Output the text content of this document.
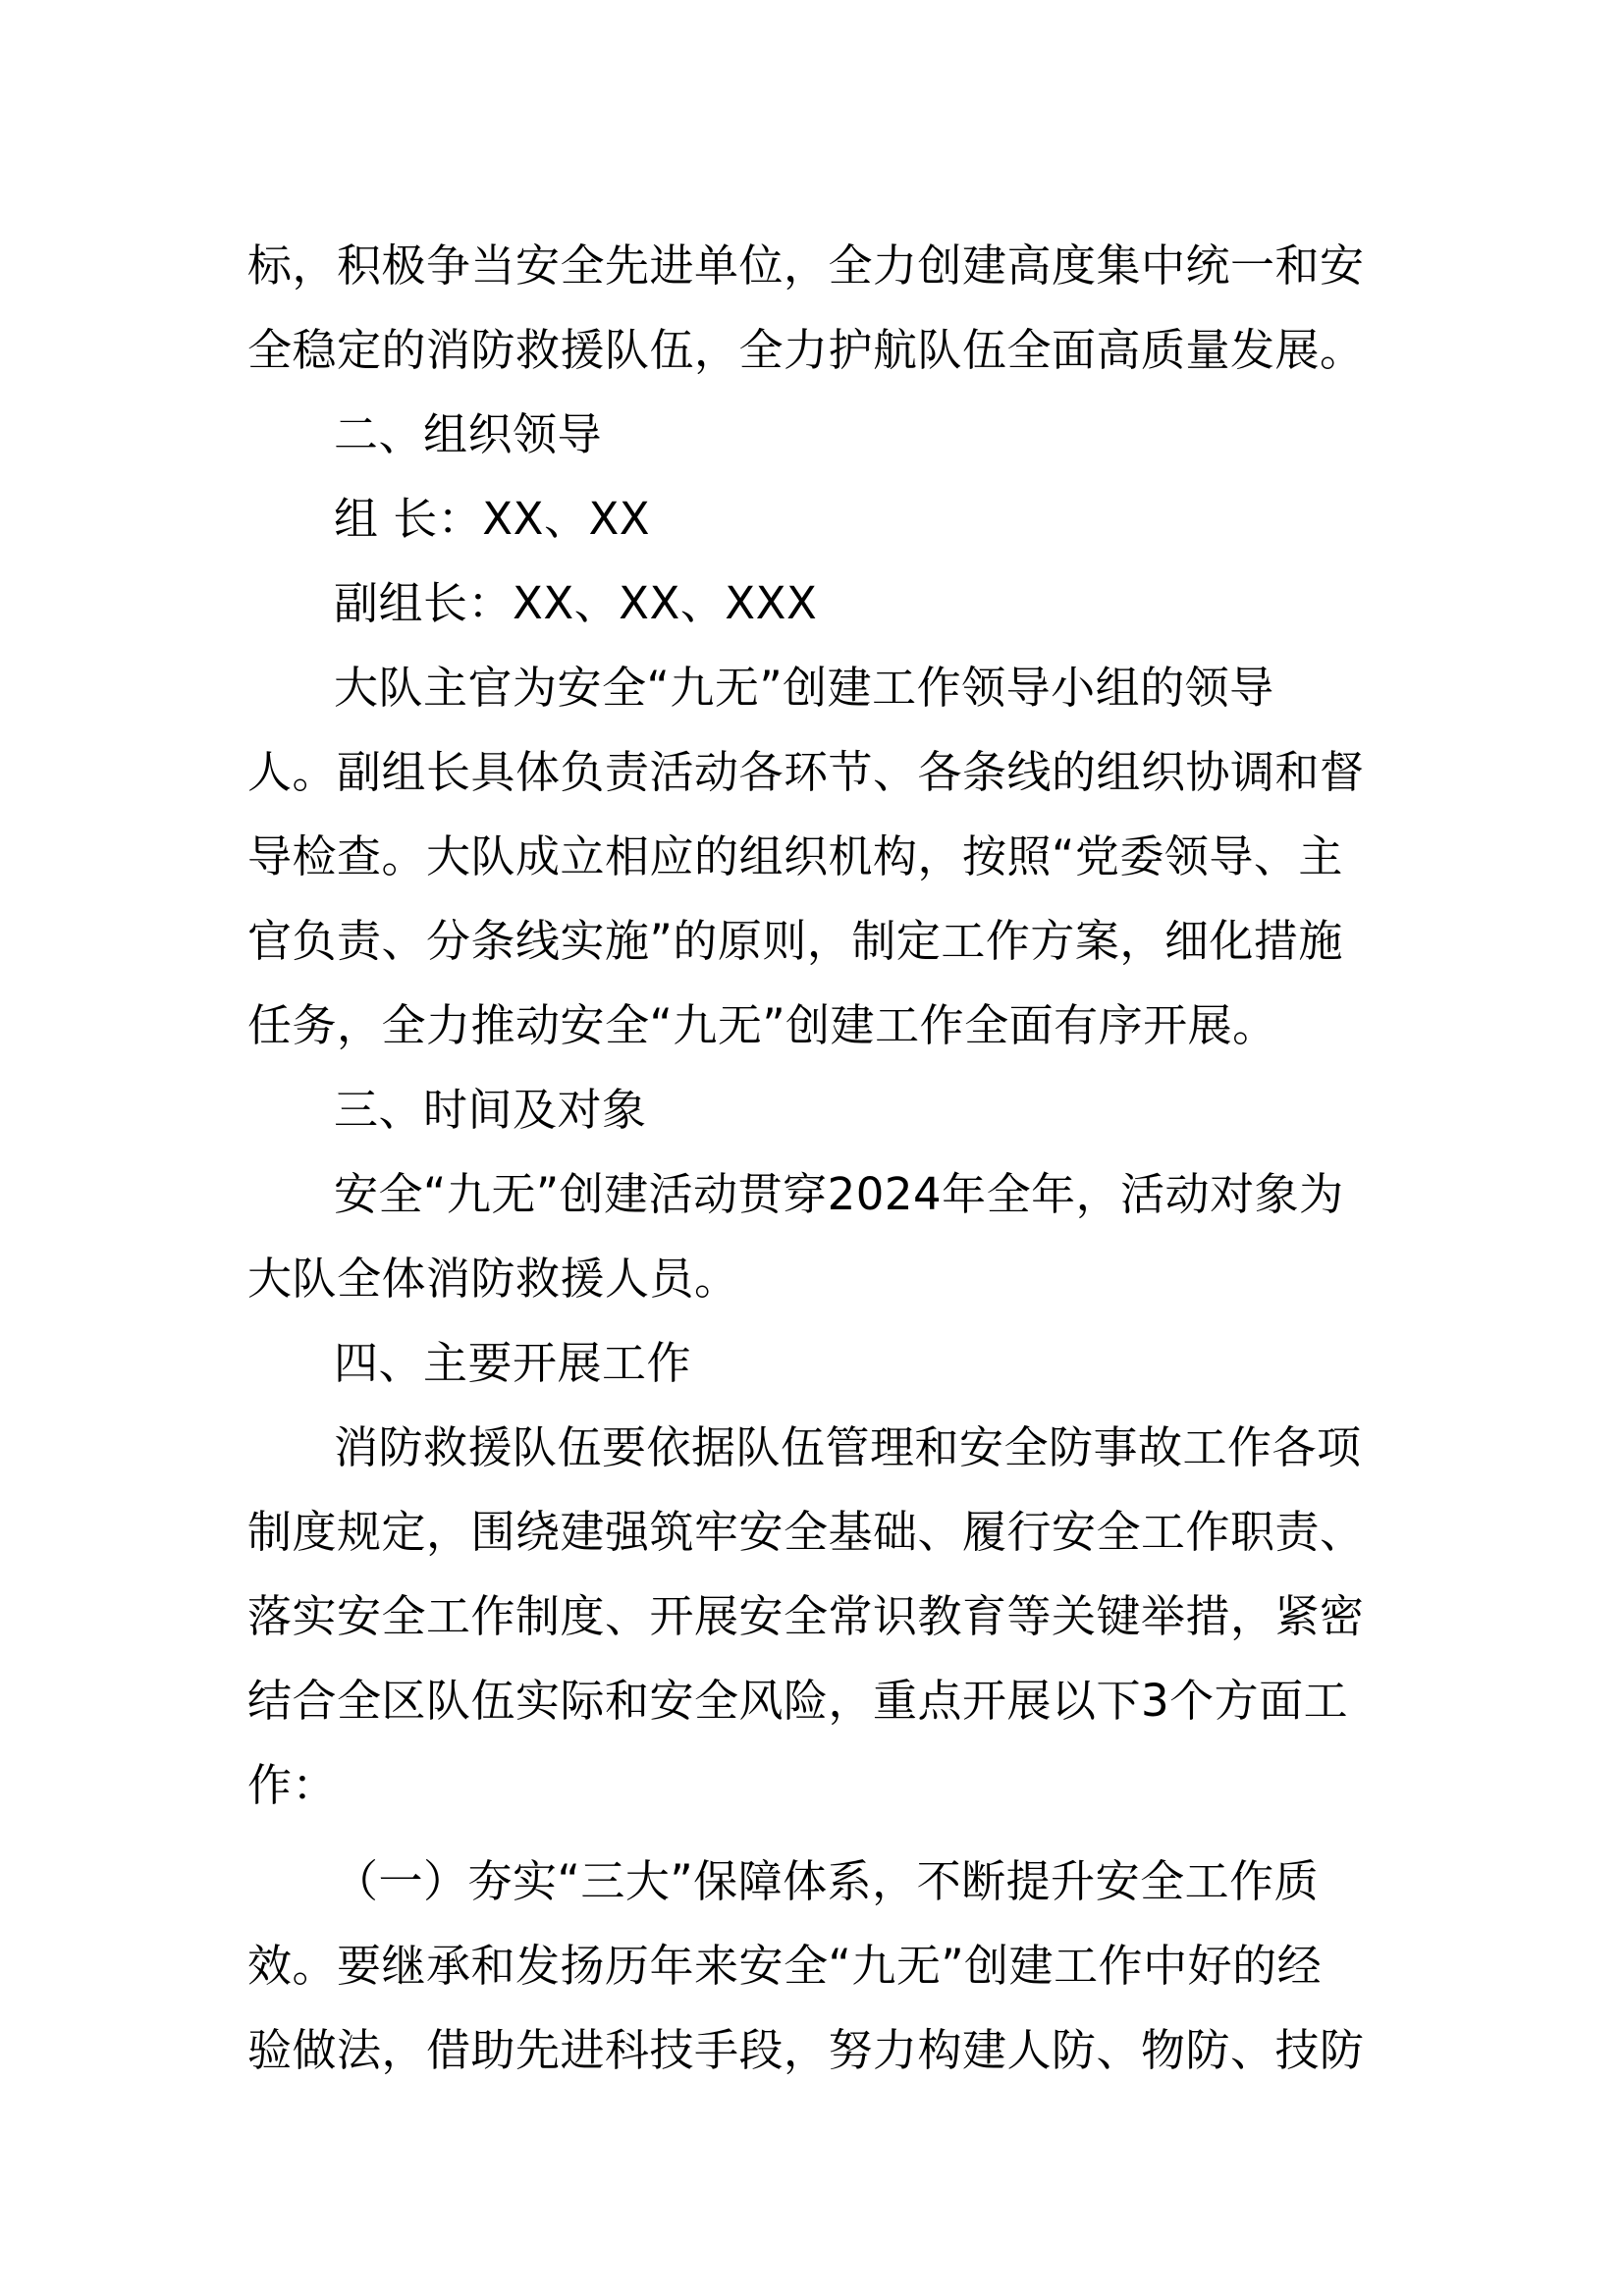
标，积极争当安全先进单位，全力创建高度集中统一和安
全稳定的消防救援队伍，全力护航队伍全面高质量发展。
二、组织领导
组 长：XX、XX
副组长：XX、XX、XXX
大队主官为安全“九无”创建工作领导小组的领导
人。副组长具体负责活动各环节、各条线的组织协调和督
导检查。大队成立相应的组织机构，按照“党委领导、主
官负责、分条线实施”的原则，制定工作方案，细化措施
任务，全力推动安全“九无”创建工作全面有序开展。
三、时间及对象
安全“九无”创建活动贯穿2024年全年，活动对象为
大队全体消防救援人员。
四、主要开展工作
消防救援队伍要依据队伍管理和安全防事故工作各项
制度规定，围绕建强筑牢安全基础、履行安全工作职责、
落实安全工作制度、开展安全常识教育等关键举措，紧密
结合全区队伍实际和安全风险，重点开展以下3个方面工
作：
（一）夯实“三大”保障体系，不断提升安全工作质
效。要继承和发扬历年来安全“九无”创建工作中好的经
验做法，借助先进科技手段，努力构建人防、物防、技防
